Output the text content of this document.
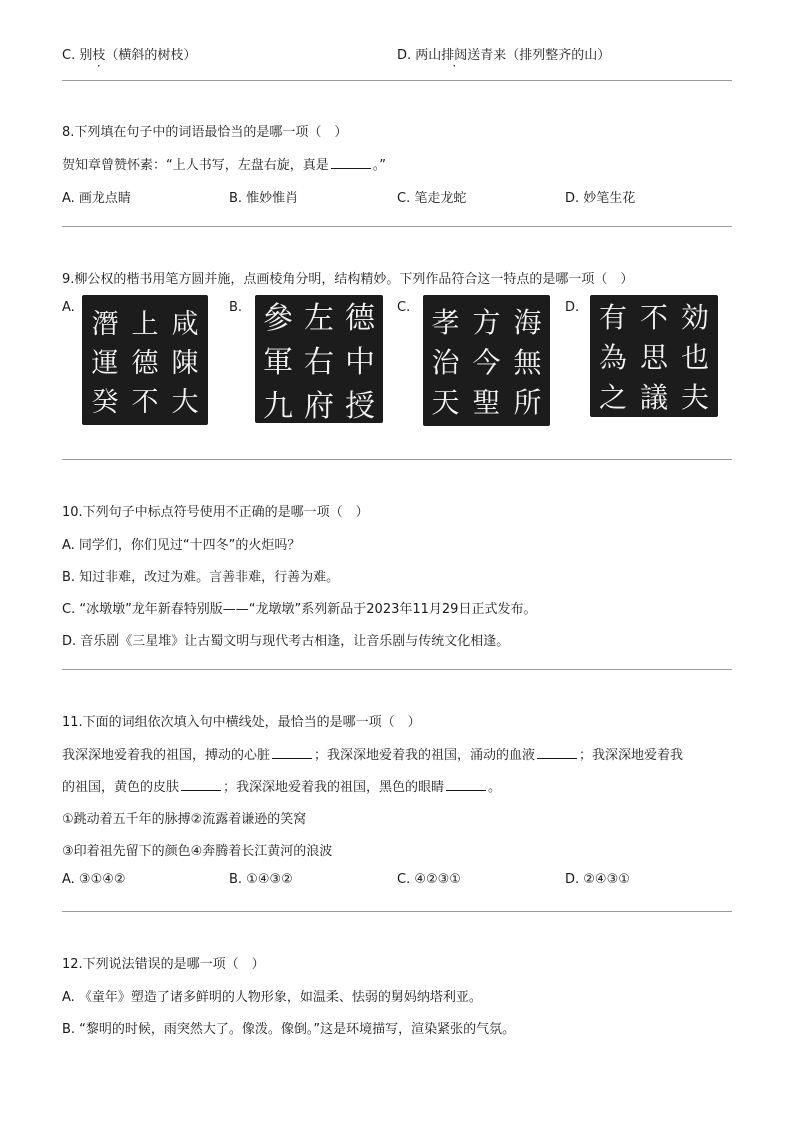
C. 别枝（横斜的树枝）	D. 两山排闼送青来（排列整齐的山）
8.下列填在句子中的词语最恰当的是哪一项（　）
贺知章曾赞怀素：“上人书写，左盘右旋，真是	。”
A. 画龙点睛	B. 惟妙惟肖	C. 笔走龙蛇	D. 妙笔生花
9.柳公权的楷书用笔方圆并施，点画棱角分明，结构精妙。下列作品符合这一特点的是哪一项（　）
A.	B.	C.	D.
潛 上 咸
運 德 陳
癸 不 大
參 左 德
軍 右 中
九 府 授
孝 方 海
治 今 無
天 聖 所
有 不 効
為 思 也
之 議 夫
10.下列句子中标点符号使用不正确的是哪一项（　）
A. 同学们，你们见过“十四冬”的火炬吗？
B. 知过非难，改过为难。言善非难，行善为难。
C. “冰墩墩”龙年新春特别版——“龙墩墩”系列新品于2023年11月29日正式发布。
D. 音乐剧《三星堆》让古蜀文明与现代考古相逢，让音乐剧与传统文化相逢。
11.下面的词组依次填入句中横线处，最恰当的是哪一项（　）
我深深地爱着我的祖国，搏动的心脏	；我深深地爱着我的祖国，涌动的血液	；我深深地爱着我
的祖国，黄色的皮肤	；我深深地爱着我的祖国，黑色的眼睛	。
①跳动着五千年的脉搏②流露着谦逊的笑窝
③印着祖先留下的颜色④奔腾着长江黄河的浪波
A. ③①④②	B. ①④③②	C. ④②③①	D. ②④③①
12.下列说法错误的是哪一项（　）
A. 《童年》塑造了诸多鲜明的人物形象，如温柔、怯弱的舅妈纳塔利亚。
B. “黎明的时候，雨突然大了。像泼。像倒。”这是环境描写，渲染紧张的气氛。
